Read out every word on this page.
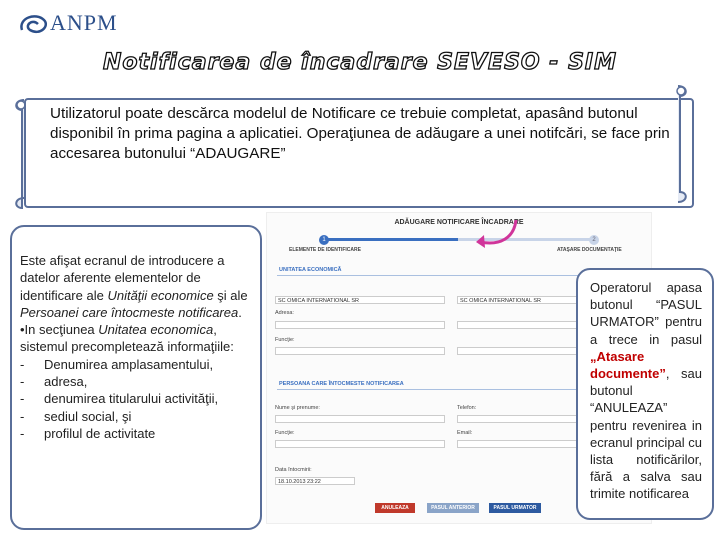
ANPM
Notificarea de încadrare SEVESO - SIM
Utilizatorul poate descărca modelul de Notificare ce trebuie completat, apasând butonul disponibil în prima pagina a aplicatiei. Operaţiunea de adăugare a unei notifcări, se face prin accesarea butonului “ADAUGARE”

Este afişat ecranul de introducere a datelor aferente elementelor de identificare ale Unităţii economice şi ale Persoanei care întocmeste notificarea.

•In secţiunea Unitatea economica, sistemul precompletează informaţiile:

-	Denumirea amplasamentului,
-	adresa,
-	denumirea titularului activităţii,
-	sediul social, şi
-	profilul de activitate
ADĂUGARE NOTIFICARE ÎNCADRARE
1	2
ELEMENTE DE IDENTIFICARE	ATAŞARE DOCUMENTAŢIE
UNITATEA ECONOMICĂ
SC OMICA INTERNATIONAL SR	SC OMICA INTERNATIONAL SR
Adresa:
Funcţie:
PERSOANA CARE ÎNTOCMESTE NOTIFICAREA
Nume şi prenume:	Telefon:
Funcţie:	Email:
Data întocmirii:
18.10.2013 23:22
ANULEAZA	PASUL ANTERIOR	PASUL URMATOR

Operatorul apasa butonul “PASUL URMATOR” pentru a trece in pasul „Atasare documente”, sau butonul “ANULEAZA” pentru revenirea in ecranul principal cu lista notificărilor, fără a salva sau trimite notificarea
